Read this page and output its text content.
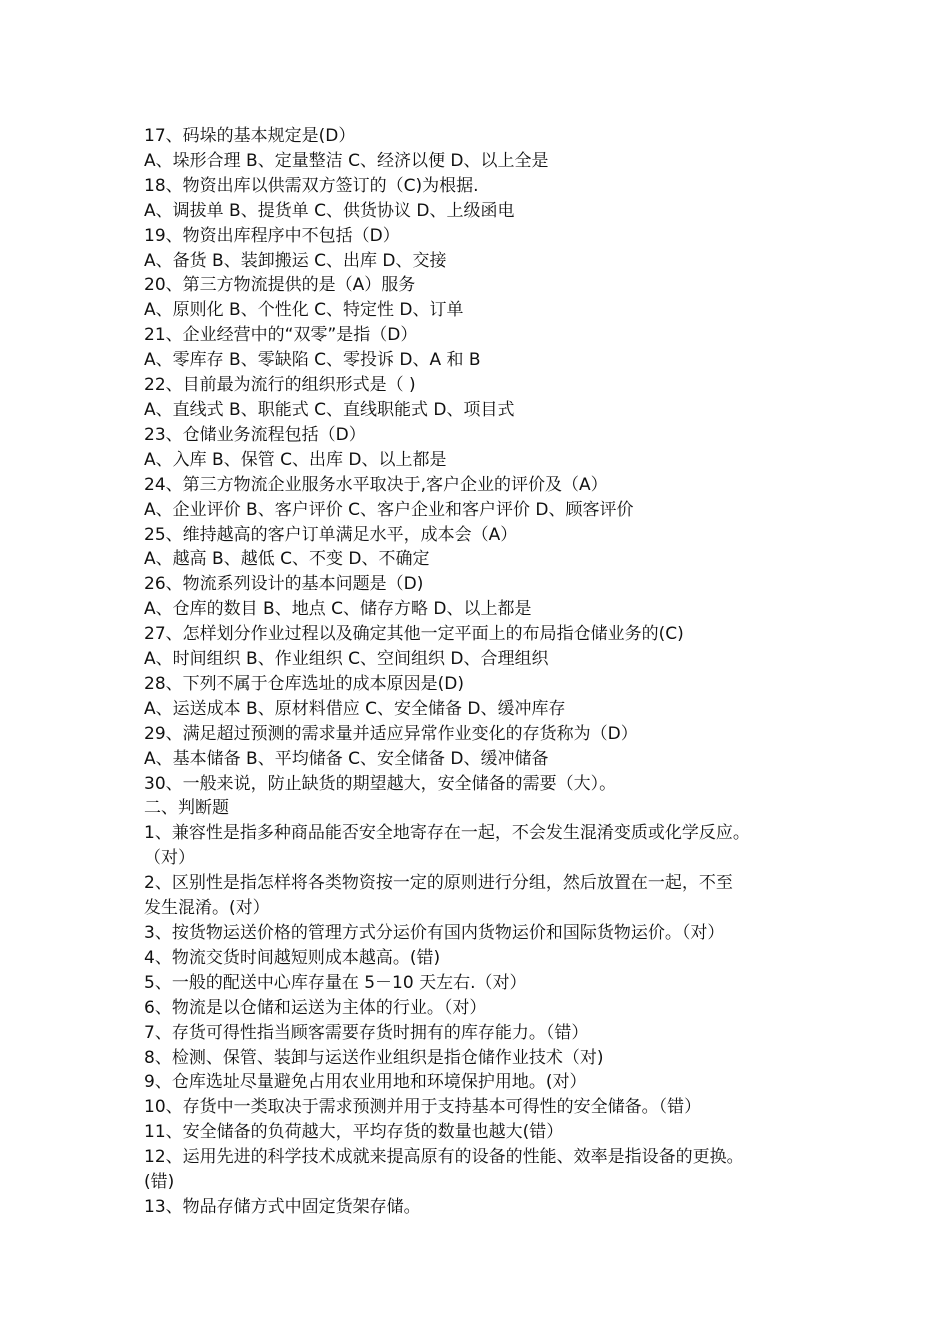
17、码垛的基本规定是(D）

A、垛形合理 B、定量整洁 C、经济以便 D、以上全是

18、物资出库以供需双方签订的（C)为根据.

A、调拔单 B、提货单 C、供货协议 D、上级函电

19、物资出库程序中不包括（D）

A、备货 B、装卸搬运 C、出库 D、交接

20、第三方物流提供的是（A）服务

A、原则化 B、个性化 C、特定性 D、订单

21、企业经营中的“双零”是指（D）

A、零库存 B、零缺陷 C、零投诉 D、A 和 B

22、目前最为流行的组织形式是（ )

A、直线式 B、职能式 C、直线职能式 D、项目式

23、仓储业务流程包括（D）

A、入库 B、保管 C、出库 D、以上都是

24、第三方物流企业服务水平取决于,客户企业的评价及（A）

A、企业评价 B、客户评价 C、客户企业和客户评价 D、顾客评价

25、维持越高的客户订单满足水平，成本会（A）

A、越高 B、越低 C、不变 D、不确定

26、物流系列设计的基本问题是（D)

A、仓库的数目 B、地点 C、储存方略 D、以上都是

27、怎样划分作业过程以及确定其他一定平面上的布局指仓储业务的(C)

A、时间组织 B、作业组织 C、空间组织 D、合理组织

28、下列不属于仓库选址的成本原因是(D)

A、运送成本 B、原材料借应 C、安全储备 D、缓冲库存

29、满足超过预测的需求量并适应异常作业变化的存货称为（D）

A、基本储备 B、平均储备 C、安全储备 D、缓冲储备

30、一般来说，防止缺货的期望越大，安全储备的需要（大）。

二、判断题

1、兼容性是指多种商品能否安全地寄存在一起，不会发生混淆变质或化学反应。

（对）

2、区别性是指怎样将各类物资按一定的原则进行分组，然后放置在一起，不至

发生混淆。(对）

3、按货物运送价格的管理方式分运价有国内货物运价和国际货物运价。（对）

4、物流交货时间越短则成本越高。(错)

5、一般的配送中心库存量在 5－10 天左右.（对）

6、物流是以仓储和运送为主体的行业。（对）

7、存货可得性指当顾客需要存货时拥有的库存能力。（错）

8、检测、保管、装卸与运送作业组织是指仓储作业技术（对)

9、仓库选址尽量避免占用农业用地和环境保护用地。(对）

10、存货中一类取决于需求预测并用于支持基本可得性的安全储备。（错）

11、安全储备的负荷越大，平均存货的数量也越大(错）

12、运用先进的科学技术成就来提高原有的设备的性能、效率是指设备的更换。

(错)

13、物品存储方式中固定货架存储。
